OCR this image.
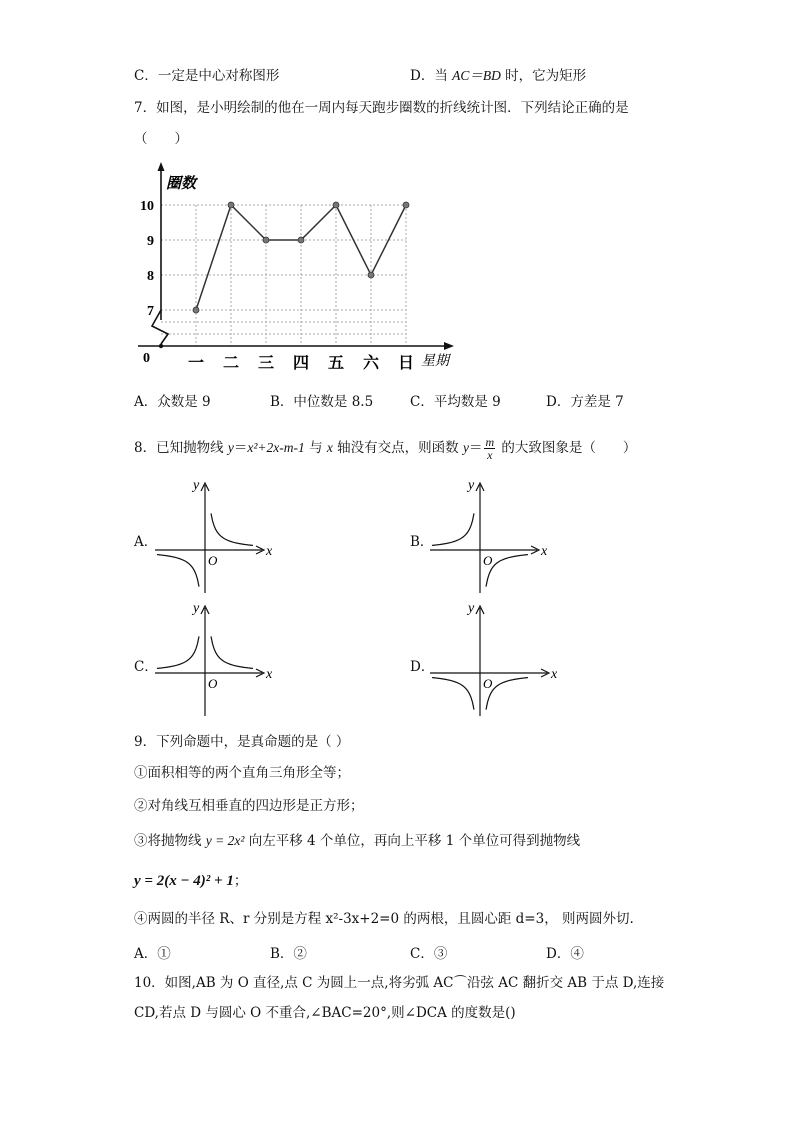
C．一定是中心对称图形	D．当 AC＝BD 时，它为矩形
7．如图，是小明绘制的他在一周内每天跑步圈数的折线统计图．下列结论正确的是
（　　）
0
圈数
星期
7
8
9
10
一 二 三 四 五 六 日
A．众数是 9	B．中位数是 8.5	C．平均数是 9	D．方差是 7
8．已知抛物线 y＝x²+2x-m-1 与 x 轴没有交点，则函数 $y= \frac{m}{x}$ 的大致图象是（　　）
A．	B．
C．	D．
x
y
O
x
y
O
x
y
O
x
y
O
9．下列命题中，是真命题的是（ ）
①面积相等的两个直角三角形全等；
②对角线互相垂直的四边形是正方形；
③将抛物线 y = 2x² 向左平移 4 个单位，再向上平移 1 个单位可得到抛物线
y = 2(x − 4)² + 1；
④两圆的半径 R、r 分别是方程 x²-3x+2=0 的两根，且圆心距 d=3， 则两圆外切.
A．①	B．②	C．③	D．④
10．如图,AB 为 O 直径,点 C 为圆上一点,将劣弧 AC⌒沿弦 AC 翻折交 AB 于点 D,连接
CD,若点 D 与圆心 O 不重合,∠BAC=20°,则∠DCA 的度数是()
